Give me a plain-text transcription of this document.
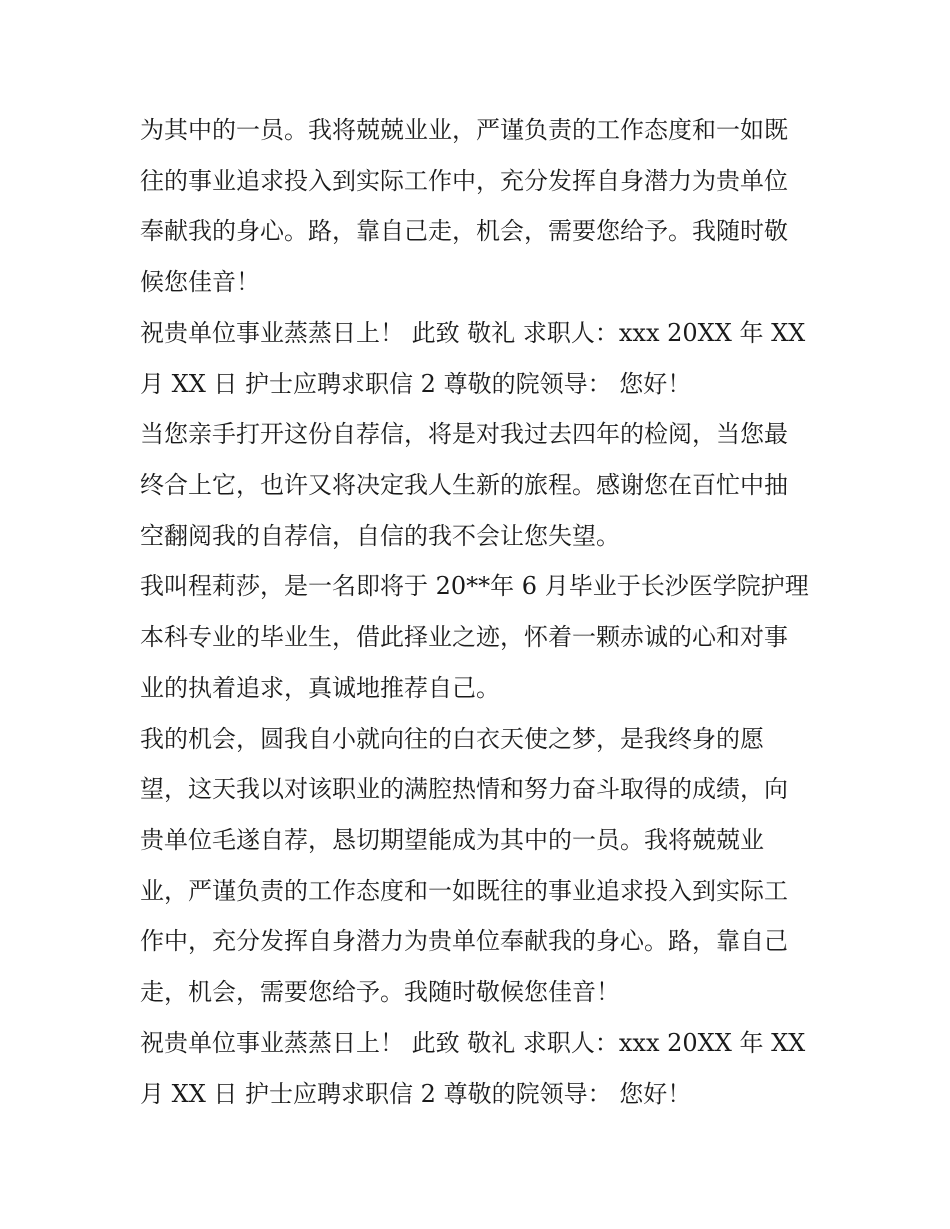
为其中的一员。我将兢兢业业，严谨负责的工作态度和一如既
往的事业追求投入到实际工作中，充分发挥自身潜力为贵单位
奉献我的身心。路，靠自己走，机会，需要您给予。我随时敬
候您佳音！
祝贵单位事业蒸蒸日上！ 此致 敬礼 求职人：xxx 20XX 年 XX
月 XX 日 护士应聘求职信 2 尊敬的院领导： 您好！
当您亲手打开这份自荐信，将是对我过去四年的检阅，当您最
终合上它，也许又将决定我人生新的旅程。感谢您在百忙中抽
空翻阅我的自荐信，自信的我不会让您失望。
我叫程莉莎，是一名即将于 20**年 6 月毕业于长沙医学院护理
本科专业的毕业生，借此择业之迹，怀着一颗赤诚的心和对事
业的执着追求，真诚地推荐自己。
我的机会，圆我自小就向往的白衣天使之梦，是我终身的愿
望，这天我以对该职业的满腔热情和努力奋斗取得的成绩，向
贵单位毛遂自荐，恳切期望能成为其中的一员。我将兢兢业
业，严谨负责的工作态度和一如既往的事业追求投入到实际工
作中，充分发挥自身潜力为贵单位奉献我的身心。路，靠自己
走，机会，需要您给予。我随时敬候您佳音！
祝贵单位事业蒸蒸日上！ 此致 敬礼 求职人：xxx 20XX 年 XX
月 XX 日 护士应聘求职信 2 尊敬的院领导： 您好！
